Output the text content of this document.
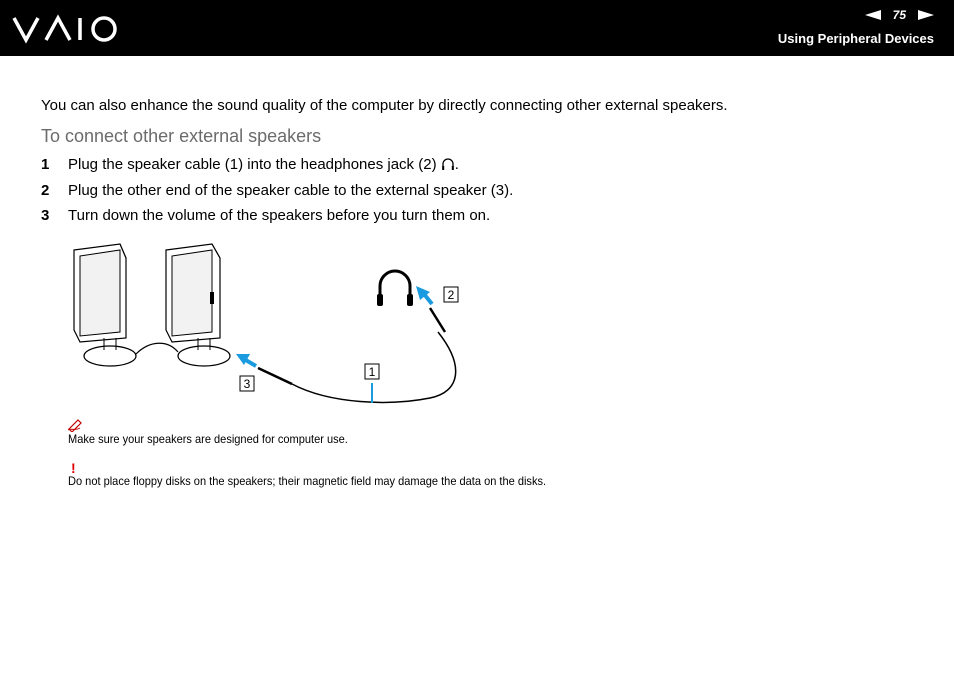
75
Using Peripheral Devices
You can also enhance the sound quality of the computer by directly connecting other external speakers.
To connect other external speakers
1	Plug the speaker cable (1) into the headphones jack (2) .
2	Plug the other end of the speaker cable to the external speaker (3).
3	Turn down the volume of the speakers before you turn them on.
1
2
3
Make sure your speakers are designed for computer use.
!
Do not place floppy disks on the speakers; their magnetic field may damage the data on the disks.
